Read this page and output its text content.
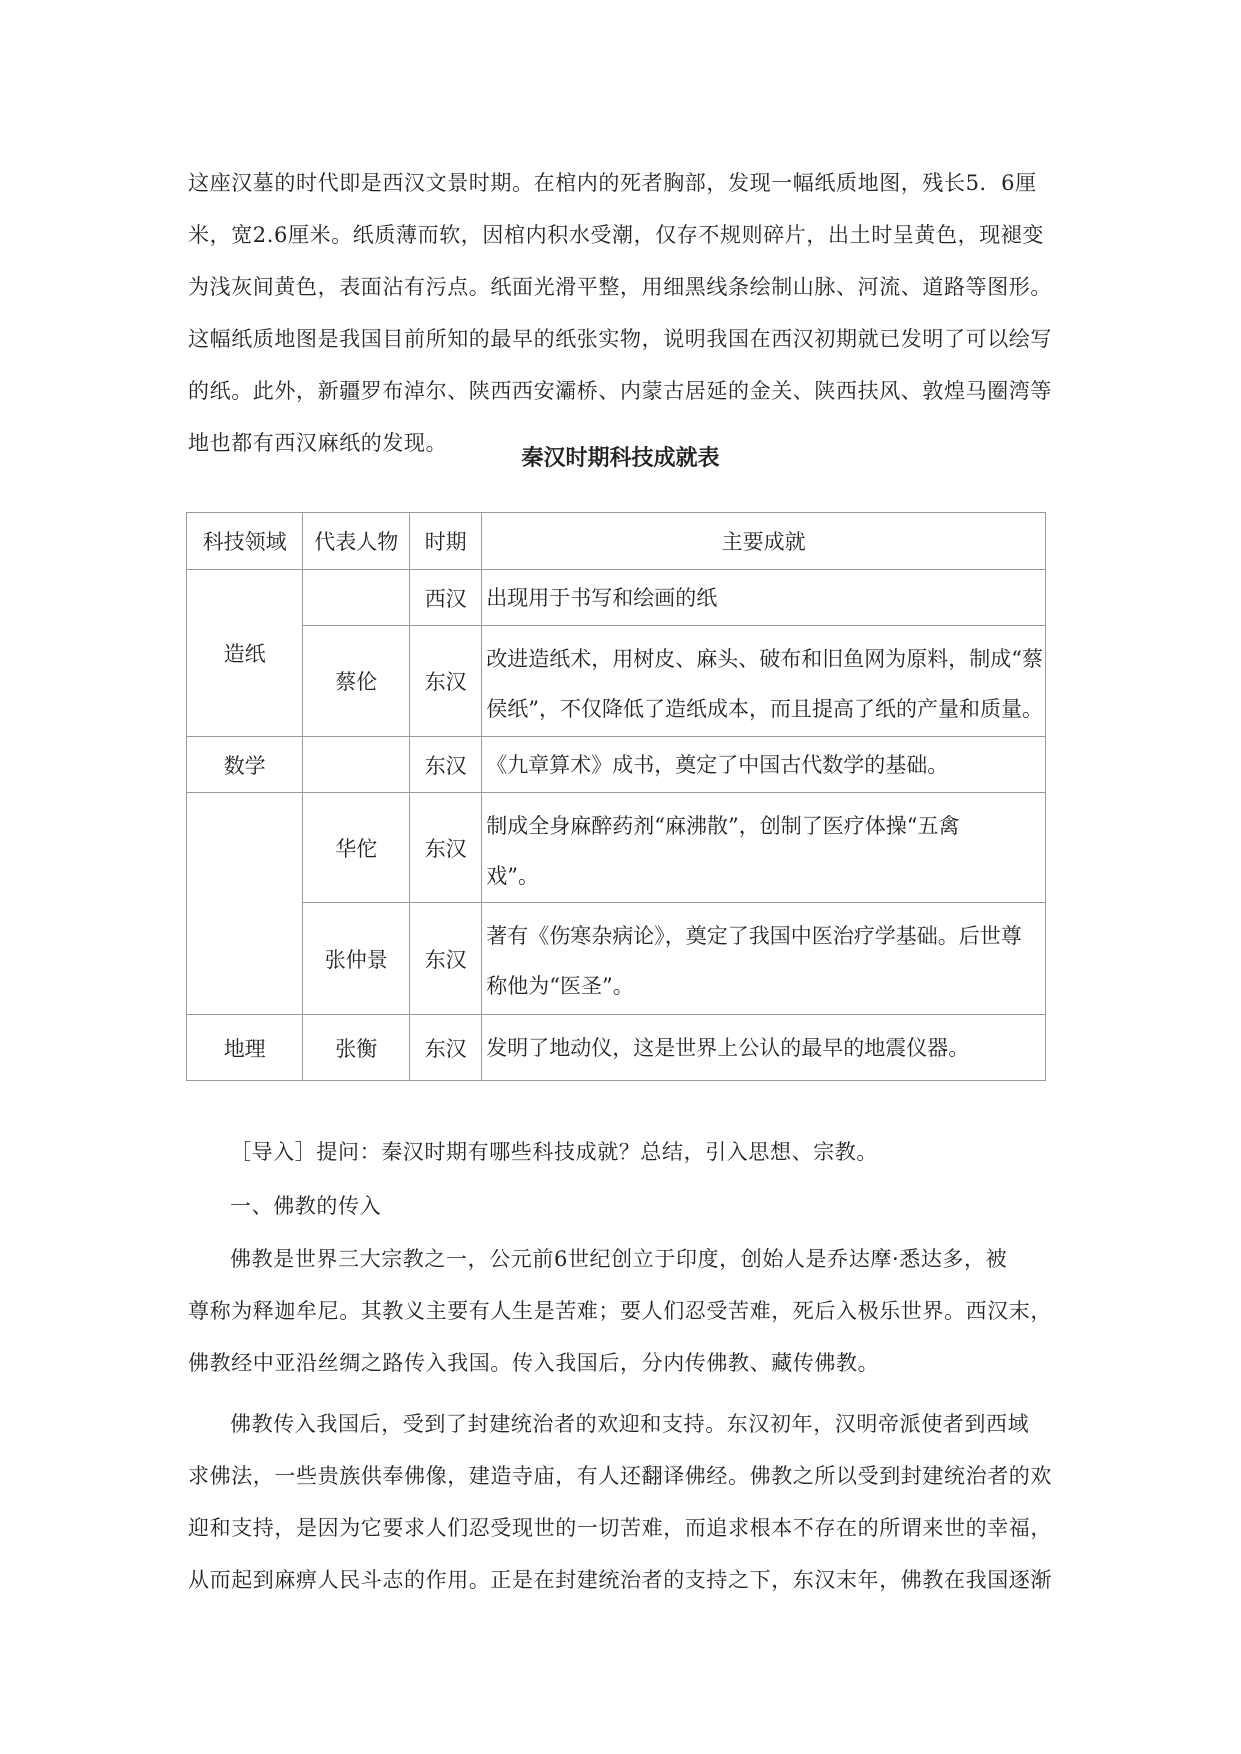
这座汉墓的时代即是西汉文景时期。在棺内的死者胸部，发现一幅纸质地图，残长5．6厘
米，宽2.6厘米。纸质薄而软，因棺内积水受潮，仅存不规则碎片，出土时呈黄色，现褪变
为浅灰间黄色，表面沾有污点。纸面光滑平整，用细黑线条绘制山脉、河流、道路等图形。
这幅纸质地图是我国目前所知的最早的纸张实物，说明我国在西汉初期就已发明了可以绘写
的纸。此外，新疆罗布淖尔、陕西西安灞桥、内蒙古居延的金关、陕西扶风、敦煌马圈湾等
地也都有西汉麻纸的发现。

秦汉时期科技成就表

科技领域	代表人物	时期	主要成就
造纸		西汉	出现用于书写和绘画的纸
	蔡伦	东汉	改进造纸术，用树皮、麻头、破布和旧鱼网为原料，制成“蔡
侯纸”，不仅降低了造纸成本，而且提高了纸的产量和质量。

数学		东汉	《九章算术》成书，奠定了中国古代数学的基础。
	华佗	东汉	制成全身麻醉药剂“麻沸散”，创制了医疗体操“五禽
戏”。

	张仲景	东汉	著有《伤寒杂病论》，奠定了我国中医治疗学基础。后世尊
称他为“医圣”。

地理	张衡	东汉	发明了地动仪，这是世界上公认的最早的地震仪器。

［导入］提问：秦汉时期有哪些科技成就？总结，引入思想、宗教。

一、佛教的传入

佛教是世界三大宗教之一，公元前6世纪创立于印度，创始人是乔达摩·悉达多，被
尊称为释迦牟尼。其教义主要有人生是苦难；要人们忍受苦难，死后入极乐世界。西汉末，
佛教经中亚沿丝绸之路传入我国。传入我国后，分内传佛教、藏传佛教。
佛教传入我国后，受到了封建统治者的欢迎和支持。东汉初年，汉明帝派使者到西域
求佛法，一些贵族供奉佛像，建造寺庙，有人还翻译佛经。佛教之所以受到封建统治者的欢
迎和支持，是因为它要求人们忍受现世的一切苦难，而追求根本不存在的所谓来世的幸福，
从而起到麻痹人民斗志的作用。正是在封建统治者的支持之下，东汉末年，佛教在我国逐渐
